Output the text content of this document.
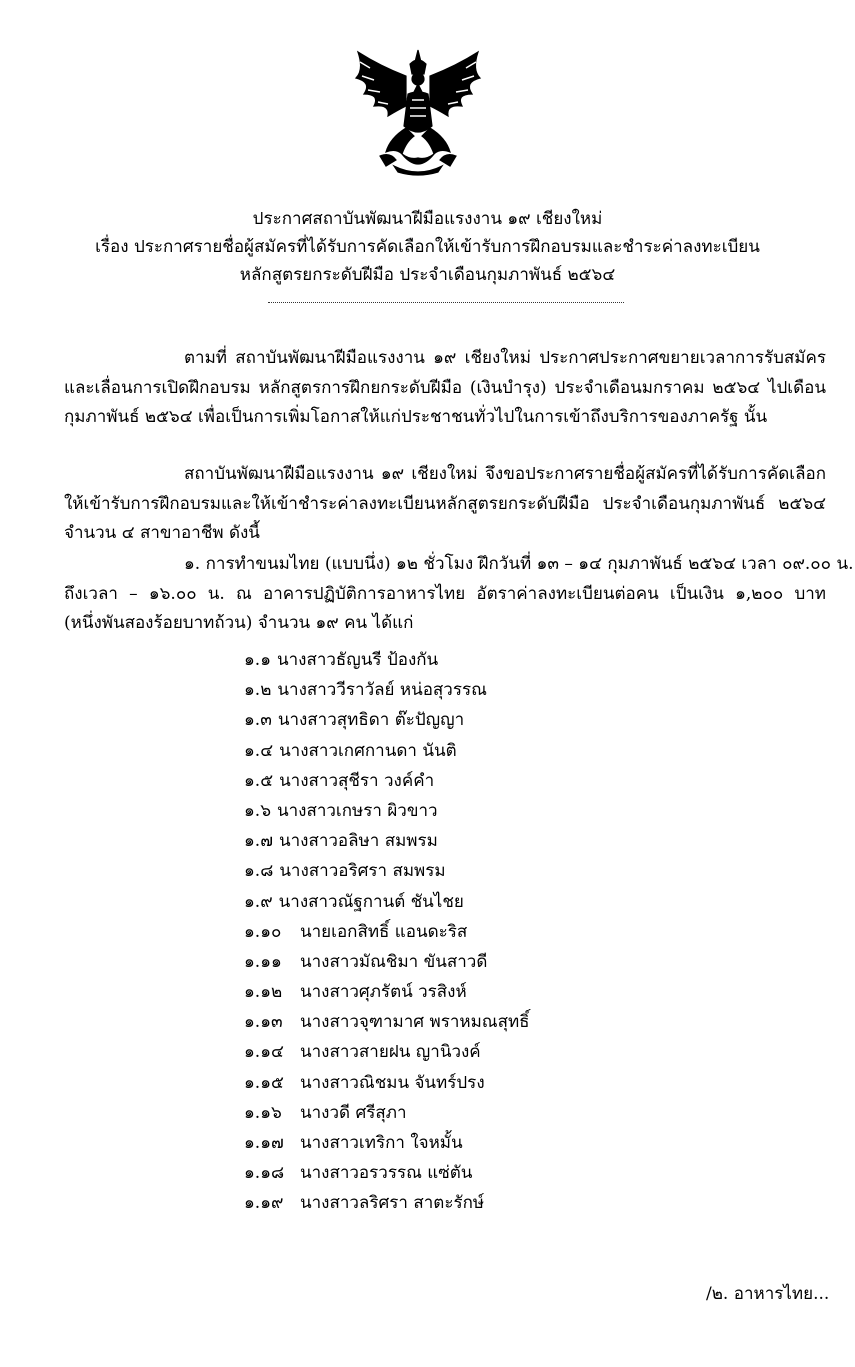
ประกาศสถาบันพัฒนาฝีมือแรงงาน ๑๙ เชียงใหม่
เรื่อง ประกาศรายชื่อผู้สมัครที่ได้รับการคัดเลือกให้เข้ารับการฝึกอบรมและชำระค่าลงทะเบียน
หลักสูตรยกระดับฝีมือ ประจำเดือนกุมภาพันธ์ ๒๕๖๔
ตามที่ สถาบันพัฒนาฝีมือแรงงาน ๑๙ เชียงใหม่ ประกาศประกาศขยายเวลาการรับสมัคร
และเลื่อนการเปิดฝึกอบรม หลักสูตรการฝึกยกระดับฝีมือ (เงินบำรุง) ประจำเดือนมกราคม ๒๕๖๔ ไปเดือน
กุมภาพันธ์ ๒๕๖๔ เพื่อเป็นการเพิ่มโอกาสให้แก่ประชาชนทั่วไปในการเข้าถึงบริการของภาครัฐ นั้น
สถาบันพัฒนาฝีมือแรงงาน ๑๙ เชียงใหม่ จึงขอประกาศรายชื่อผู้สมัครที่ได้รับการคัดเลือก
ให้เข้ารับการฝึกอบรมและให้เข้าชำระค่าลงทะเบียนหลักสูตรยกระดับฝีมือ ประจำเดือนกุมภาพันธ์ ๒๕๖๔
จำนวน ๔ สาขาอาชีพ ดังนี้
๑. การทำขนมไทย (แบบนึ่ง) ๑๒ ชั่วโมง ฝึกวันที่ ๑๓ – ๑๔ กุมภาพันธ์ ๒๕๖๔ เวลา ๐๙.๐๐ น.
ถึงเวลา – ๑๖.๐๐ น. ณ อาคารปฏิบัติการอาหารไทย อัตราค่าลงทะเบียนต่อคน เป็นเงิน ๑,๒๐๐ บาท
(หนึ่งพันสองร้อยบาทถ้วน) จำนวน ๑๙ คน ได้แก่
๑.๑ นางสาวธัญนรี ป้องกัน
๑.๒ นางสาววีราวัลย์ หน่อสุวรรณ
๑.๓ นางสาวสุทธิดา ต๊ะปัญญา
๑.๔ นางสาวเกศกานดา นันติ
๑.๕ นางสาวสุชีรา วงค์คำ
๑.๖ นางสาวเกษรา ผิวขาว
๑.๗ นางสาวอลิษา สมพรม
๑.๘ นางสาวอริศรา สมพรม
๑.๙ นางสาวณัฐกานต์ ชันไชย
๑.๑๐	นายเอกสิทธิ์ แอนดะริส
๑.๑๑	นางสาวมัณชิมา ขันสาวดี
๑.๑๒	นางสาวศุภรัตน์ วรสิงห์
๑.๑๓	นางสาวจุฑามาศ พราหมณสุทธิ์
๑.๑๔ นางสาวสายฝน ญานิวงค์
๑.๑๕ นางสาวณิชมน จันทร์ปรง
๑.๑๖	นางวดี ศรีสุภา
๑.๑๗ นางสาวเทริกา ใจหมั้น
๑.๑๘ นางสาวอรวรรณ แซ่ตัน
๑.๑๙ นางสาวลริศรา สาตะรักษ์
/๒. อาหารไทย...
